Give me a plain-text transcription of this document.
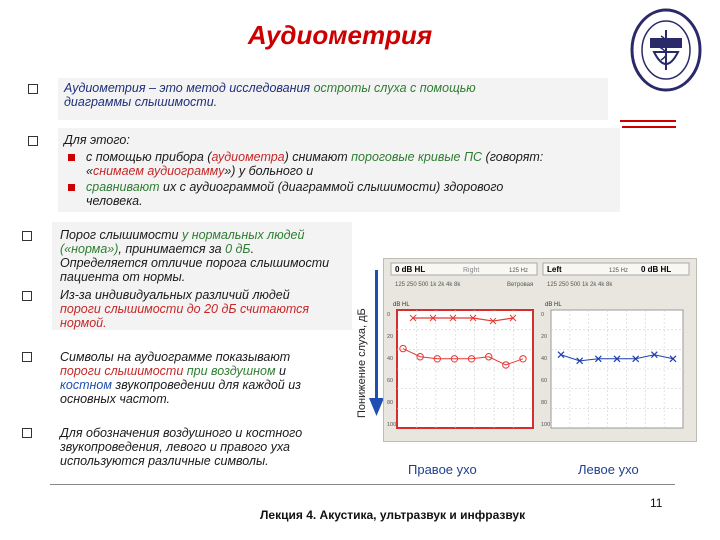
Аудиометрия
Аудиометрия – это метод исследования остроты слуха с помощью
диаграммы слышимости.
Для этого:
с помощью прибора (аудиометра) снимают пороговые кривые ПС (говорят:
«снимаем аудиограмму») у больного и
сравнивают их с аудиограммой (диаграммой слышимости) здорового
человека.
Порог слышимости у нормальных людей
(«норма»), принимается за 0 дБ.
Определяется отличие порога слышимости
пациента от нормы.
Из-за индивидуальных различий людей
пороги слышимости до 20 дБ считаются
нормой.
Символы на аудиограмме показывают
пороги слышимости при воздушном и
костном звукопроведении для каждой из
основных частот.
Для обозначения воздушного и костного
звукопроведения, левого и правого уха
используются различные символы.
Понижение слуха, дБ
0 dB HL	Right	125 Hz Left	125 Hz 0 dB HL
125 250 500 1k 2k 4k 8k	Ветровая 125 250 500 1k 2k 4k 8k
dB HL	dB HL
0
20
40
60
80
100
0
20
40
60
80
100
Правое ухо	Левое ухо
11
Лекция 4. Акустика, ультразвук и инфразвук
